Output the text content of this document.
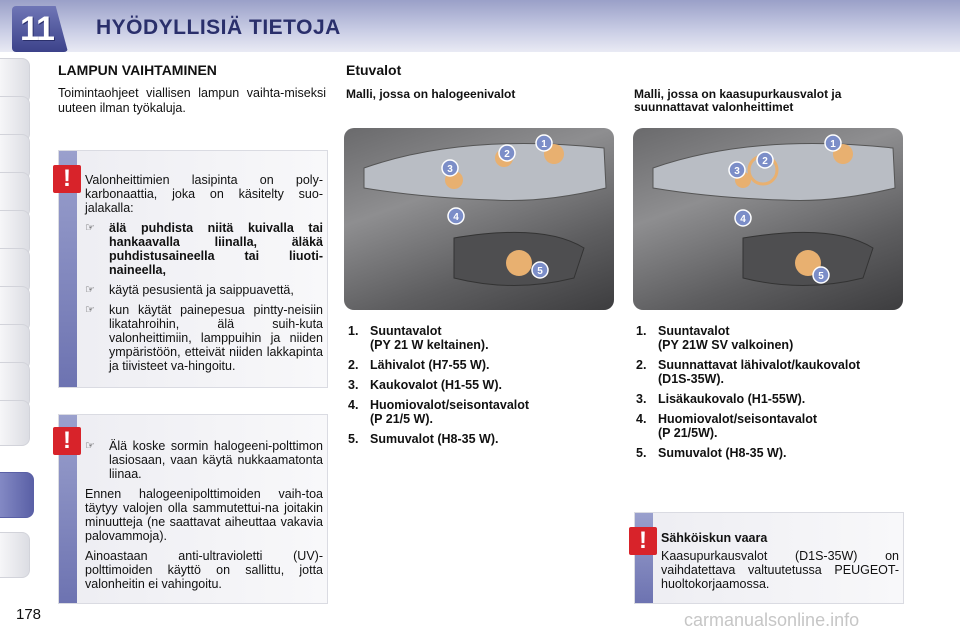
11 HYÖDYLLISIÄ TIETOJA
LAMPUN VAIHTAMINEN
Toimintaohjeet viallisen lampun vaihta-miseksi uuteen ilman työkaluja.
!	Valonheittimien lasipinta on poly-karbonaattia, joka on käsitelty suo-jalakalla:

☞	älä puhdista niitä kuivalla tai hankaavalla liinalla, äläkä puhdistusaineella tai liuoti-naineella,
☞	käytä pesusientä ja saippuavettä,
☞	kun käytät painepesua pintty-neisiin likatahroihin, älä suih-kuta valonheittimiin, lamppuihin ja niiden ympäristöön, etteivät niiden lakkapinta ja tiivisteet va-hingoitu.
!	☞	Älä koske sormin halogeeni-polttimon lasiosaan, vaan käytä nukkaamatonta liinaa.

Ennen halogeenipolttimoiden vaih-toa täytyy valojen olla sammutettui-na joitakin minuutteja (ne saattavat aiheuttaa vakavia palovammoja).

Ainoastaan anti-ultravioletti (UV)-polttimoiden käyttö on sallittu, jotta valonheitin ei vahingoitu.

Etuvalot
Malli, jossa on halogeenivalot
1
2
3
4
5
1. Suuntavalot
(PY 21 W keltainen).
2. Lähivalot (H7-55 W).
3. Kaukovalot (H1-55 W).
4. Huomiovalot/seisontavalot
(P 21/5 W).
5. Sumuvalot (H8-35 W).
Malli, jossa on kaasupurkausvalot ja
suunnattavat valonheittimet
1
2
3
4
5
1. Suuntavalot
(PY 21W SV valkoinen)
2. Suunnattavat lähivalot/kaukovalot
(D1S-35W).
3. Lisäkaukovalo (H1-55W).
4. Huomiovalot/seisontavalot
(P 21/5W).
5. Sumuvalot (H8-35 W).
!	Sähköiskun vaara

Kaasupurkausvalot (D1S-35W) on vaihdatettava valtuutetussa PEUGEOT-huoltokorjaamossa.

178	carmanualsonline.info
